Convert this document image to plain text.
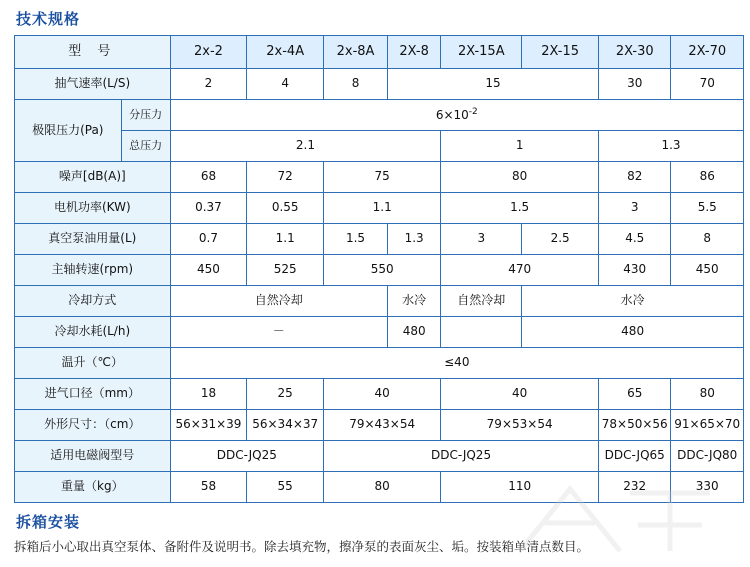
技术规格
型 号		2x-2	2x-4A	2x-8A	2X-8	2X-15A	2X-15	2X-30	2X-70
抽气速率(L/S)		2	4	8	15			30	70
极限压力(Pa)	分压力	$6\times 10^{-2}$
	总压力	2.1				1		1.3	
噪声[dB(A)]		68	72	75		80		82	86
电机功率(KW)		0.37	0.55	1.1		1.5		3	5.5
真空泵油用量(L)		0.7	1.1	1.5	1.3	3	2.5	4.5	8
主轴转速(rpm)		450	525	550		470		430	450
冷却方式		自然冷却			水冷	自然冷却	水冷		
冷却水耗(L/h)		－			480		480		
温升（℃）		≤40							
进气口径（mm）		18	25	40		40		65	80
外形尺寸：（cm）		56×31×39	56×34×37	79×43×54		79×53×54		78×50×56	91×65×70
适用电磁阀型号		DDC-JQ25		DDC-JQ25				DDC-JQ65	DDC-JQ80
重量（kg）		58	55	80		110		232	330
拆箱安装
拆箱后小心取出真空泵体、备附件及说明书。除去填充物，擦净泵的表面灰尘、垢。按装箱单清点数目。
